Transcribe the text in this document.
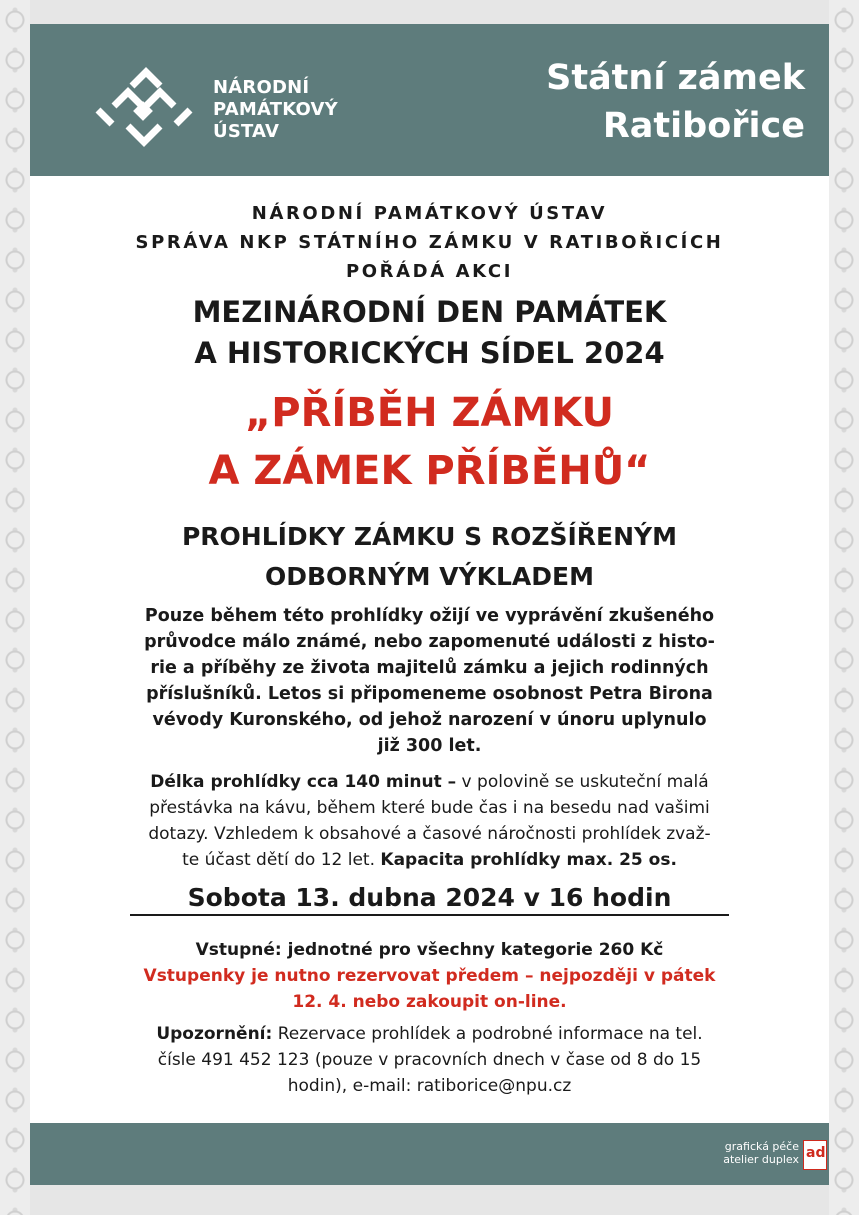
NÁRODNÍ
PAMÁTKOVÝ
ÚSTAV
Státní zámek
Ratibořice
NÁRODNÍ PAMÁTKOVÝ ÚSTAV
SPRÁVA NKP STÁTNÍHO ZÁMKU V RATIBOŘICÍCH
POŘÁDÁ AKCI
MEZINÁRODNÍ DEN PAMÁTEK
A HISTORICKÝCH SÍDEL 2024
„PŘÍBĚH ZÁMKU
A ZÁMEK PŘÍBĚHŮ“
PROHLÍDKY ZÁMKU S ROZŠÍŘENÝM
ODBORNÝM VÝKLADEM
Pouze během této prohlídky ožijí ve vyprávění zkušeného
průvodce málo známé, nebo zapomenuté události z histo-
rie a příběhy ze života majitelů zámku a jejich rodinných
příslušníků. Letos si připomeneme osobnost Petra Birona
vévody Kuronského, od jehož narození v únoru uplynulo
již 300 let.
Délka prohlídky cca 140 minut – v polovině se uskuteční malá
přestávka na kávu, během které bude čas i na besedu nad vašimi
dotazy. Vzhledem k obsahové a časové náročnosti prohlídek zvaž-
te účast dětí do 12 let. Kapacita prohlídky max. 25 os.
Sobota 13. dubna 2024 v 16 hodin
Vstupné: jednotné pro všechny kategorie 260 Kč
Vstupenky je nutno rezervovat předem – nejpozději v pátek
12. 4. nebo zakoupit on-line.
Upozornění: Rezervace prohlídek a podrobné informace na tel.
čísle 491 452 123 (pouze v pracovních dnech v čase od 8 do 15
hodin), e-mail: ratiborice@npu.cz
grafická péče
atelier duplex ad
